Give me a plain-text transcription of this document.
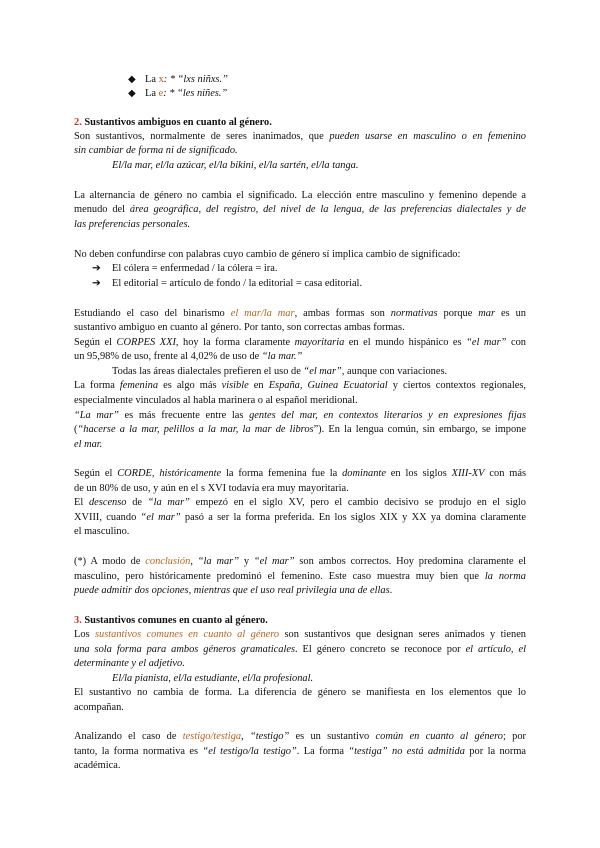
◆ La x: * “lxs niñxs.”
◆ La e: * “les niñes.”
2. Sustantivos ambiguos en cuanto al género.
Son sustantivos, normalmente de seres inanimados, que pueden usarse en masculino o en femenino
sin cambiar de forma ni de significado.
El/la mar, el/la azúcar, el/la bikini, el/la sartén, el/la tanga.
La alternancia de género no cambia el significado. La elección entre masculino y femenino depende a
menudo del área geográfica, del registro, del nivel de la lengua, de las preferencias dialectales y de
las preferencias personales.
No deben confundirse con palabras cuyo cambio de género sí implica cambio de significado:
➔ El cólera = enfermedad / la cólera = ira.
➔ El editorial = artículo de fondo / la editorial = casa editorial.
Estudiando el caso del binarismo el mar/la mar, ambas formas son normativas porque mar es un
sustantivo ambiguo en cuanto al género. Por tanto, son correctas ambas formas.
Según el CORPES XXI, hoy la forma claramente mayoritaria en el mundo hispánico es “el mar” con
un 95,98% de uso, frente al 4,02% de uso de “la mar.”
Todas las áreas dialectales prefieren el uso de “el mar”, aunque con variaciones.
La forma femenina es algo más visible en España, Guinea Ecuatorial y ciertos contextos regionales,
especialmente vinculados al habla marinera o al español meridional.
“La mar” es más frecuente entre las gentes del mar, en contextos literarios y en expresiones fijas
(“hacerse a la mar, pelillos a la mar, la mar de libros”). En la lengua común, sin embargo, se impone
el mar.
Según el CORDE, históricamente la forma femenina fue la dominante en los siglos XIII-XV con más
de un 80% de uso, y aún en el s XVI todavía era muy mayoritaria.
El descenso de “la mar” empezó en el siglo XV, pero el cambio decisivo se produjo en el siglo
XVIII, cuando “el mar” pasó a ser la forma preferida. En los siglos XIX y XX ya domina claramente
el masculino.
(*) A modo de conclusión, “la mar” y “el mar” son ambos correctos. Hoy predomina claramente el
masculino, pero históricamente predominó el femenino. Este caso muestra muy bien que la norma
puede admitir dos opciones, mientras que el uso real privilegia una de ellas.
3. Sustantivos comunes en cuanto al género.
Los sustantivos comunes en cuanto al género son sustantivos que designan seres animados y tienen
una sola forma para ambos géneros gramaticales. El género concreto se reconoce por el artículo, el
determinante y el adjetivo.
El/la pianista, el/la estudiante, el/la profesional.
El sustantivo no cambia de forma. La diferencia de género se manifiesta en los elementos que lo
acompañan.
Analizando el caso de testigo/testiga, “testigo” es un sustantivo común en cuanto al género; por
tanto, la forma normativa es “el testigo/la testigo”. La forma “testiga” no está admitida por la norma
académica.
